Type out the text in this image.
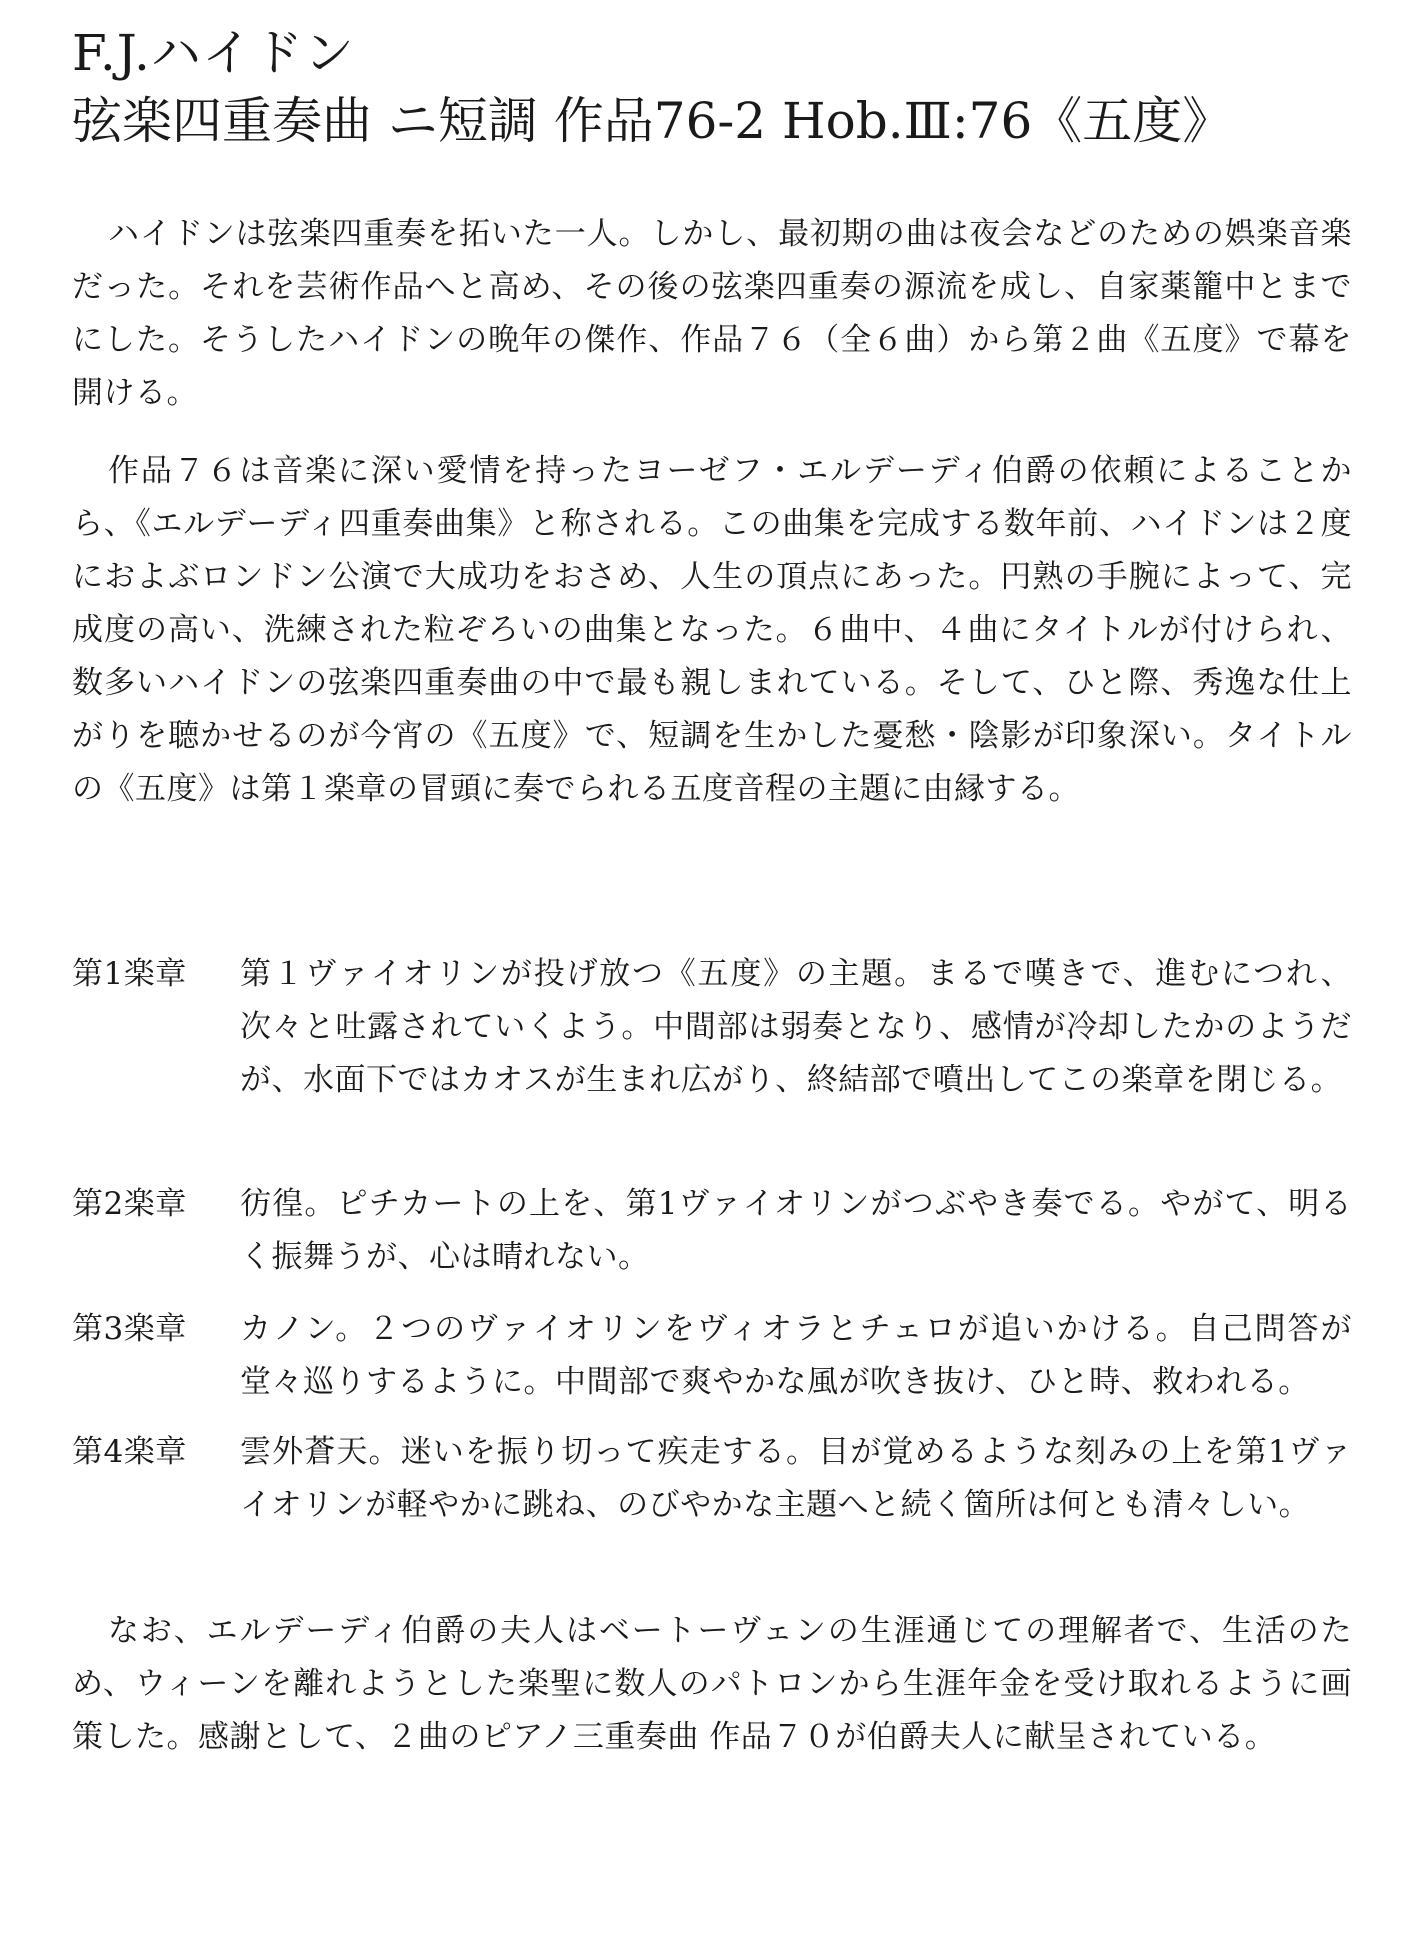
F.J.ハイドン
弦楽四重奏曲 ニ短調 作品76-2 Hob.Ⅲ:76《五度》

ハイドンは弦楽四重奏を拓いた一人。しかし、最初期の曲は夜会などのための娯楽音楽だった。それを芸術作品へと高め、その後の弦楽四重奏の源流を成し、自家薬籠中とまでにした。そうしたハイドンの晩年の傑作、作品７６（全６曲）から第２曲《五度》で幕を開ける。

作品７６は音楽に深い愛情を持ったヨーゼフ・エルデーディ伯爵の依頼によることから、《エルデーディ四重奏曲集》と称される。この曲集を完成する数年前、ハイドンは２度におよぶロンドン公演で大成功をおさめ、人生の頂点にあった。円熟の手腕によって、完成度の高い、洗練された粒ぞろいの曲集となった。６曲中、４曲にタイトルが付けられ、数多いハイドンの弦楽四重奏曲の中で最も親しまれている。そして、ひと際、秀逸な仕上がりを聴かせるのが今宵の《五度》で、短調を生かした憂愁・陰影が印象深い。タイトルの《五度》は第１楽章の冒頭に奏でられる五度音程の主題に由縁する。

第1楽章	第１ヴァイオリンが投げ放つ《五度》の主題。まるで嘆きで、進むにつれ、次々と吐露されていくよう。中間部は弱奏となり、感情が冷却したかのようだが、水面下ではカオスが生まれ広がり、終結部で噴出してこの楽章を閉じる。

第2楽章	彷徨。ピチカートの上を、第1ヴァイオリンがつぶやき奏でる。やがて、明るく振舞うが、心は晴れない。

第3楽章	カノン。２つのヴァイオリンをヴィオラとチェロが追いかける。自己問答が堂々巡りするように。中間部で爽やかな風が吹き抜け、ひと時、救われる。

第4楽章	雲外蒼天。迷いを振り切って疾走する。目が覚めるような刻みの上を第1ヴァイオリンが軽やかに跳ね、のびやかな主題へと続く箇所は何とも清々しい。

なお、エルデーディ伯爵の夫人はベートーヴェンの生涯通じての理解者で、生活のため、ウィーンを離れようとした楽聖に数人のパトロンから生涯年金を受け取れるように画策した。感謝として、２曲のピアノ三重奏曲 作品７０が伯爵夫人に献呈されている。
